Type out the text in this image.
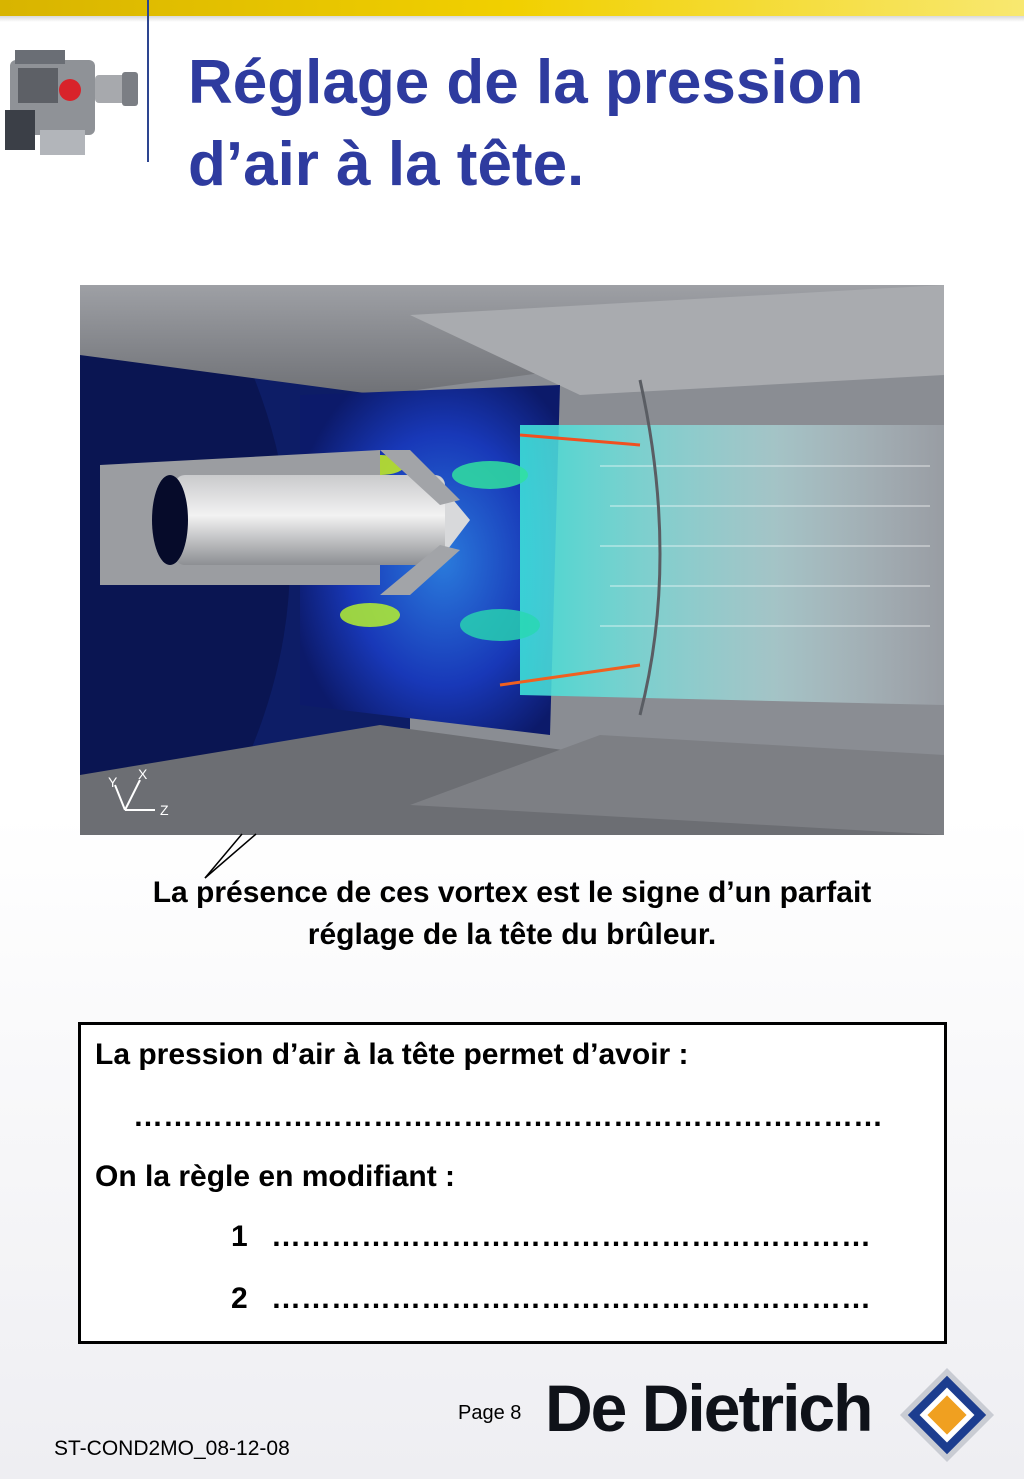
Réglage de la pression
d’air à la tête.
Y X
Z
La présence de ces vortex est le signe d’un parfait
réglage de la tête du brûleur.
La pression d’air à la tête permet d’avoir :
…………………………………………………………………
On la règle en modifiant :
1 ……………………………………………………
2 ……………………………………………………
Page 8
ST-COND2MO_08-12-08
De Dietrich
